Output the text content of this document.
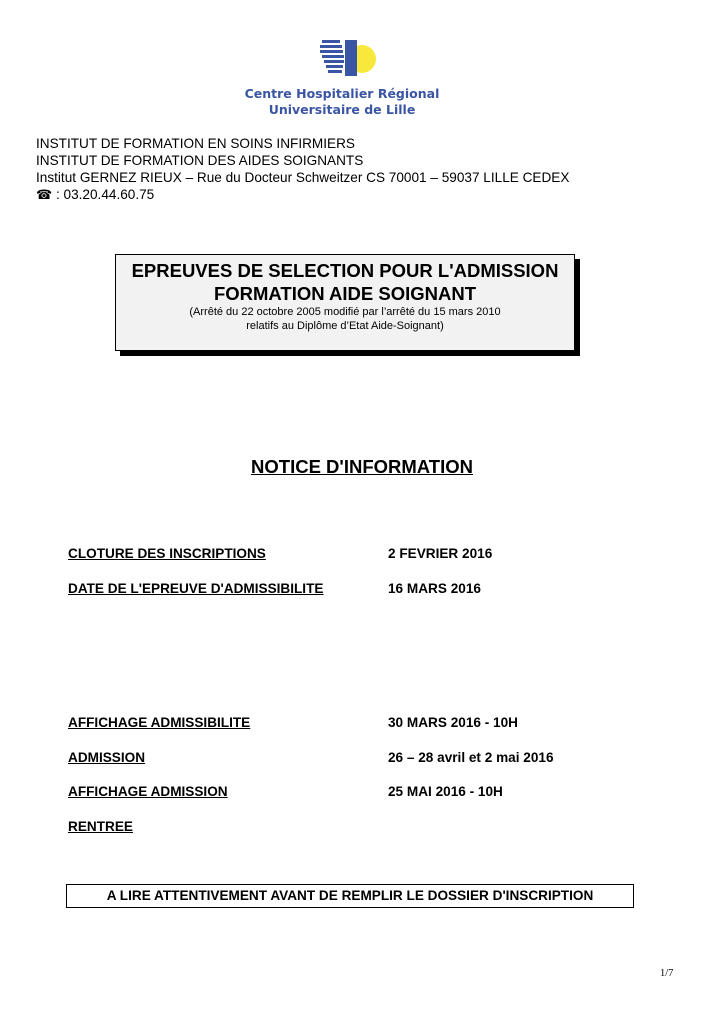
Centre Hospitalier Régional
Universitaire de Lille
INSTITUT DE FORMATION EN SOINS INFIRMIERS
INSTITUT DE FORMATION DES AIDES SOIGNANTS
Institut GERNEZ RIEUX – Rue du Docteur Schweitzer CS 70001 – 59037 LILLE CEDEX
☎ : 03.20.44.60.75
EPREUVES DE SELECTION POUR L'ADMISSION
FORMATION AIDE SOIGNANT
(Arrêté du 22 octobre 2005 modifié par l’arrêté du 15 mars 2010
relatifs au Diplôme d’Etat Aide-Soignant)
NOTICE D'INFORMATION
CLOTURE DES INSCRIPTIONS	2 FEVRIER 2016
DATE DE L'EPREUVE D'ADMISSIBILITE	16 MARS 2016
AFFICHAGE ADMISSIBILITE	30 MARS 2016 - 10H
ADMISSION	26 – 28 avril et 2 mai 2016
AFFICHAGE ADMISSION	25 MAI 2016 - 10H
RENTREE
A LIRE ATTENTIVEMENT AVANT DE REMPLIR LE DOSSIER D'INSCRIPTION
1/7
